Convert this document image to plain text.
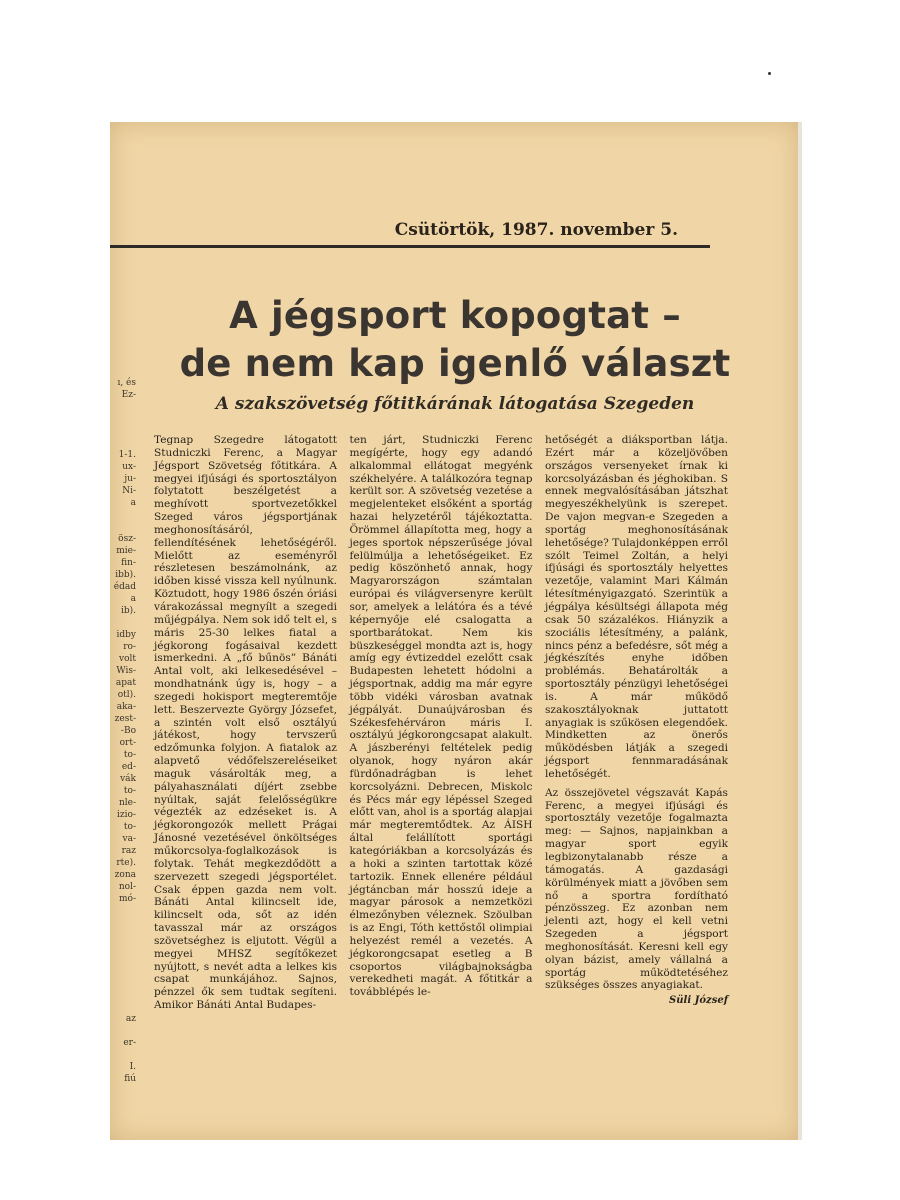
Csütörtök, 1987. november 5.
A jégsport kopogtat –
de nem kap igenlő választ
A szakszövetség főtitkárának látogatása Szegeden
ı, és
Ez-

1-1.
ux-
ju-
Ni-
a

ösz-
mie-
fin-
ibb).
édad
a
ib).

idby
ro-
volt
Wis-
apat
otl).
aka-
zest-
-Bo
ort-
to-
ed-
vák
to-
nle-
izio-
to-
va-
raz
rte).
zona
nol-
mó-

az

er-

I.
fiú

Tegnap Szegedre látogatott Studniczki Ferenc, a Magyar Jégsport Szövetség főtitkára. A megyei ifjúsági és sportosztályon folytatott beszélgetést a meghívott sportvezetőkkel Szeged város jégsportjának meghonosításáról, fellendítésének lehetőségéről. Mielőtt az eseményről részletesen beszámolnánk, az időben kissé vissza kell nyúlnunk. Köztudott, hogy 1986 őszén óriási várakozással megnyílt a szegedi műjégpálya. Nem sok idő telt el, s máris 25-30 lelkes fiatal a jégkorong fogásaival kezdett ismerkedni. A „fő bűnös” Bánáti Antal volt, aki lelkesedésével – mondhatnánk úgy is, hogy – a szegedi hokisport megteremtője lett. Beszervezte György Józsefet, a szintén volt első osztályú játékost, hogy tervszerű edzőmunka folyjon. A fiatalok az alapvető védőfelszereléseiket maguk vásárolták meg, a pályahasználati díjért zsebbe nyúltak, saját felelősségükre végezték az edzéseket is. A jégkorongozók mellett Prágai Jánosné vezetésével önköltséges műkorcsolya-foglalkozások is folytak. Tehát megkezdődött a szervezett szegedi jégsportélet. Csak éppen gazda nem volt. Bánáti Antal kilincselt ide, kilincselt oda, sőt az idén tavasszal már az országos szövetséghez is eljutott. Végül a megyei MHSZ segítőkezet nyújtott, s nevét adta a lelkes kis csapat munkájához. Sajnos, pénzzel ők sem tudtak segíteni. Amikor Bánáti Antal Budapes-

ten járt, Studniczki Ferenc megígérte, hogy egy adandó alkalommal ellátogat megyénk székhelyére. A találkozóra tegnap került sor. A szövetség vezetése a megjelenteket elsőként a sportág hazai helyzetéről tájékoztatta. Örömmel állapította meg, hogy a jeges sportok népszerűsége jóval felülmúlja a lehetőségeiket. Ez pedig köszönhető annak, hogy Magyarországon számtalan európai és világversenyre került sor, amelyek a lelátóra és a tévé képernyője elé csalogatta a sportbarátokat. Nem kis büszkeséggel mondta azt is, hogy amíg egy évtizeddel ezelőtt csak Budapesten lehetett hódolni a jégsportnak, addig ma már egyre több vidéki városban avatnak jégpályát. Dunaújvárosban és Székesfehérváron máris I. osztályú jégkorongcsapat alakult. A jászberényi feltételek pedig olyanok, hogy nyáron akár fürdőnadrágban is lehet korcsolyázni. Debrecen, Miskolc és Pécs már egy lépéssel Szeged előtt van, ahol is a sportág alapjai már megteremtődtek. Az ÁISH által felállított sportági kategóriákban a korcsolyázás és a hoki a szinten tartottak közé tartozik. Ennek ellenére például jégtáncban már hosszú ideje a magyar párosok a nemzetközi élmezőnyben véleznek. Szöulban is az Engi, Tóth kettőstől olimpiai helyezést remél a vezetés. A jégkorongcsapat esetleg a B csoportos világbajnokságba verekedheti magát. A főtitkár a továbblépés le-

hetőségét a diáksportban látja. Ezért már a közeljövőben országos versenyeket írnak ki korcsolyázásban és jéghokiban. S ennek megvalósításában játszhat megyeszékhelyünk is szerepet. De vajon megvan-e Szegeden a sportág meghonosításának lehetősége? Tulajdonképpen erről szólt Teimel Zoltán, a helyi ifjúsági és sportosztály helyettes vezetője, valamint Mari Kálmán létesítményigazgató. Szerintük a jégpálya késültségi állapota még csak 50 százalékos. Hiányzik a szociális létesítmény, a palánk, nincs pénz a befedésre, sőt még a jégkészítés enyhe időben problémás. Behatárolták a sportosztály pénzügyi lehetőségei is. A már működő szakosztályoknak juttatott anyagiak is szűkösen elegendőek. Mindketten az önerős működésben látják a szegedi jégsport fennmaradásának lehetőségét.

Az összejövetel végszavát Kapás Ferenc, a megyei ifjúsági és sportosztály vezetője fogalmazta meg: — Sajnos, napjainkban a magyar sport egyik legbizonytalanabb része a támogatás. A gazdasági körülmények miatt a jövőben sem nő a sportra fordítható pénzösszeg. Ez azonban nem jelenti azt, hogy el kell vetni Szegeden a jégsport meghonosítását. Keresni kell egy olyan bázist, amely vállalná a sportág működtetéséhez szükséges összes anyagiakat.

Süli József
